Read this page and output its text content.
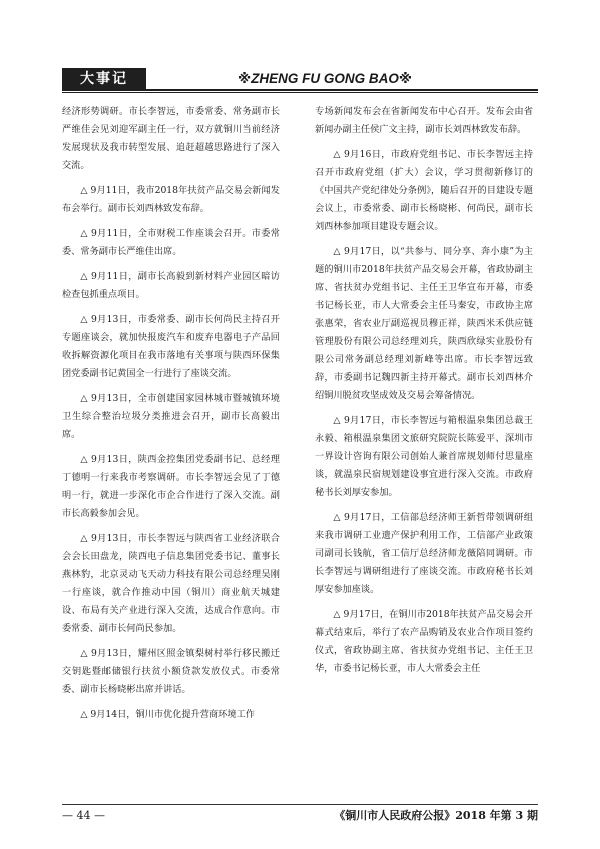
大事记	※ZHENG FU GONG BAO※

经济形势调研。市长李智远，市委常委、常务副市长严维佳会见刘迎军副主任一行，双方就铜川当前经济发展现状及我市转型发展、追赶超越思路进行了深入交流。

△ 9月11日，我市2018年扶贫产品交易会新闻发布会举行。副市长刘西林致发布辞。

△ 9月11日，全市财税工作座谈会召开。市委常委、常务副市长严维佳出席。

△ 9月11日，副市长高毅到新材料产业园区暗访检查包抓重点项目。

△ 9月13日，市委常委、副市长何尚民主持召开专题座谈会，就加快报废汽车和废弃电器电子产品回收拆解资源化项目在我市落地有关事项与陕西环保集团党委副书记黄国全一行进行了座谈交流。

△ 9月13日，全市创建国家园林城市暨城镇环境卫生综合整治垃圾分类推进会召开，副市长高毅出席。

△ 9月13日，陕西金控集团党委副书记、总经理丁德明一行来我市考察调研。市长李智远会见了丁德明一行，就进一步深化市企合作进行了深入交流。副市长高毅参加会见。

△ 9月13日，市长李智远与陕西省工业经济联合会会长田盘龙，陕西电子信息集团党委书记、董事长燕林豹，北京灵动飞天动力科技有限公司总经理吴刚一行座谈，就合作推动中国（铜川）商业航天城建设、布局有关产业进行深入交流，达成合作意向。市委常委、副市长何尚民参加。

△ 9月13日，耀州区照金镇梨树村举行移民搬迁交钥匙暨邮储银行扶贫小额贷款发放仪式。市委常委、副市长杨晓彬出席并讲话。

△ 9月14日，铜川市优化提升营商环境工作

专场新闻发布会在省新闻发布中心召开。发布会由省新闻办副主任侯广文主持，副市长刘西林致发布辞。

△ 9月16日，市政府党组书记、市长李智远主持召开市政府党组（扩大）会议，学习贯彻新修订的《中国共产党纪律处分条例》，随后召开的目建设专题会议上，市委常委、副市长杨晓彬、何尚民，副市长刘西林参加项目建设专题会议。

△ 9月17日，以“共参与、同分享、奔小康”为主题的铜川市2018年扶贫产品交易会开幕，省政协副主席、省扶贫办党组书记、主任王卫华宣布开幕，市委书记杨长亚，市人大常委会主任马秦安，市政协主席张惠荣，省农业厅副巡视员穆正祥，陕西米禾供应链管理股份有限公司总经理刘兵，陕西欣绿实业股份有限公司常务副总经理刘新峰等出席。市长李智远致辞，市委副书记魏四新主持开幕式。副市长刘西林介绍铜川脱贫攻坚成效及交易会筹备情况。

△ 9月17日，市长李智远与箱根温泉集团总裁王永毅、箱根温泉集团文旅研究院院长陈爱平、深圳市一界设计咨询有限公司创始人兼首席规划师付思量座谈，就温泉民宿规划建设事宜进行深入交流。市政府秘书长刘厚安参加。

△ 9月17日，工信部总经济师王新哲带领调研组来我市调研工业遗产保护利用工作，工信部产业政策司副司长钱航，省工信厅总经济师龙薇陪同调研。市长李智远与调研组进行了座谈交流。市政府秘书长刘厚安参加座谈。

△ 9月17日，在铜川市2018年扶贫产品交易会开幕式结束后，举行了农产品购销及农业合作项目签约仪式，省政协副主席、省扶贫办党组书记、主任王卫华，市委书记杨长亚，市人大常委会主任

— 44 —	《铜川市人民政府公报》2018 年第 3 期
